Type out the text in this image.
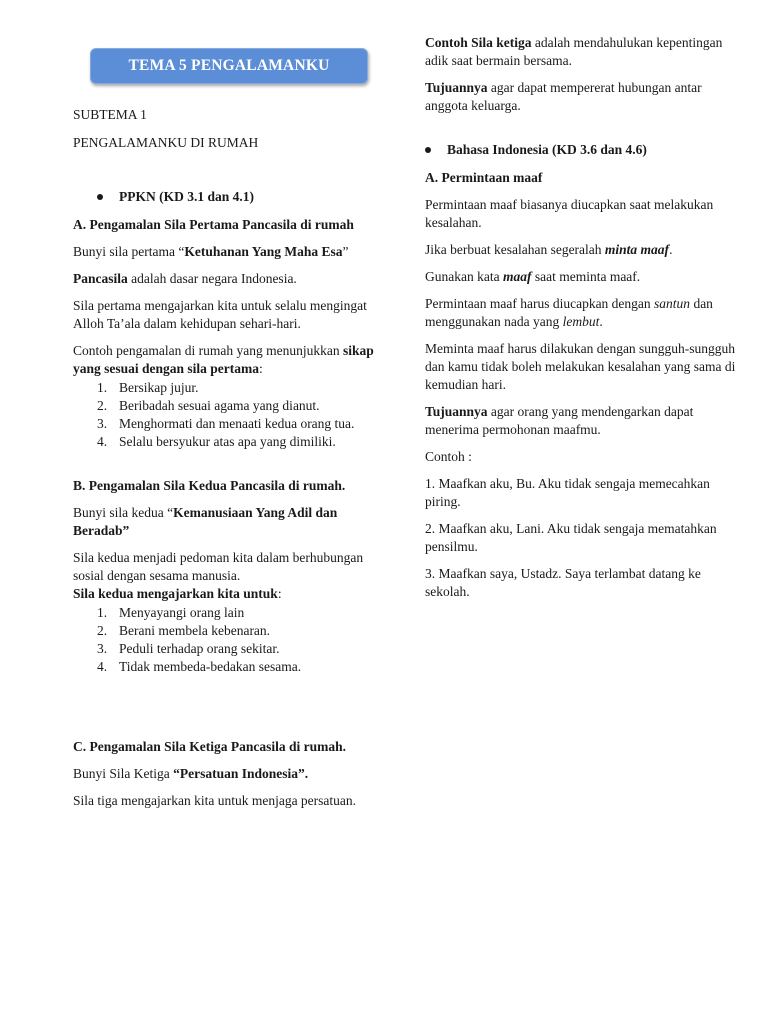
TEMA 5 PENGALAMANKU
SUBTEMA 1
PENGALAMANKU DI RUMAH
PPKN (KD 3.1 dan 4.1)

A. Pengamalan Sila Pertama Pancasila di rumah

Bunyi sila pertama “Ketuhanan Yang Maha Esa”

Pancasila adalah dasar negara Indonesia.

Sila pertama mengajarkan kita untuk selalu mengingat Alloh Ta’ala dalam kehidupan sehari-hari.

Contoh pengamalan di rumah yang menunjukkan sikap yang sesuai dengan sila pertama:

1. Bersikap jujur.
2. Beribadah sesuai agama yang dianut.
3. Menghormati dan menaati kedua orang tua.
4. Selalu bersyukur atas apa yang dimiliki.

B. Pengamalan Sila Kedua Pancasila di rumah.

Bunyi sila kedua “Kemanusiaan Yang Adil dan Beradab”

Sila kedua menjadi pedoman kita dalam berhubungan sosial dengan sesama manusia.

Sila kedua mengajarkan kita untuk:

1. Menyayangi orang lain
2. Berani membela kebenaran.
3. Peduli terhadap orang sekitar.
4. Tidak membeda-bedakan sesama.

C. Pengamalan Sila Ketiga Pancasila di rumah.

Bunyi Sila Ketiga “Persatuan Indonesia”.

Sila tiga mengajarkan kita untuk menjaga persatuan.

Contoh Sila ketiga adalah mendahulukan kepentingan adik saat bermain bersama.

Tujuannya agar dapat mempererat hubungan antar anggota keluarga.

Bahasa Indonesia (KD 3.6 dan 4.6)

A. Permintaan maaf

Permintaan maaf biasanya diucapkan saat melakukan kesalahan.

Jika berbuat kesalahan segeralah minta maaf.

Gunakan kata maaf saat meminta maaf.

Permintaan maaf harus diucapkan dengan santun dan menggunakan nada yang lembut.

Meminta maaf harus dilakukan dengan sungguh-sungguh dan kamu tidak boleh melakukan kesalahan yang sama di kemudian hari.

Tujuannya agar orang yang mendengarkan dapat menerima permohonan maafmu.

Contoh :

1. Maafkan aku, Bu. Aku tidak sengaja memecahkan piring.

2. Maafkan aku, Lani. Aku tidak sengaja mematahkan pensilmu.

3. Maafkan saya, Ustadz. Saya terlambat datang ke sekolah.
